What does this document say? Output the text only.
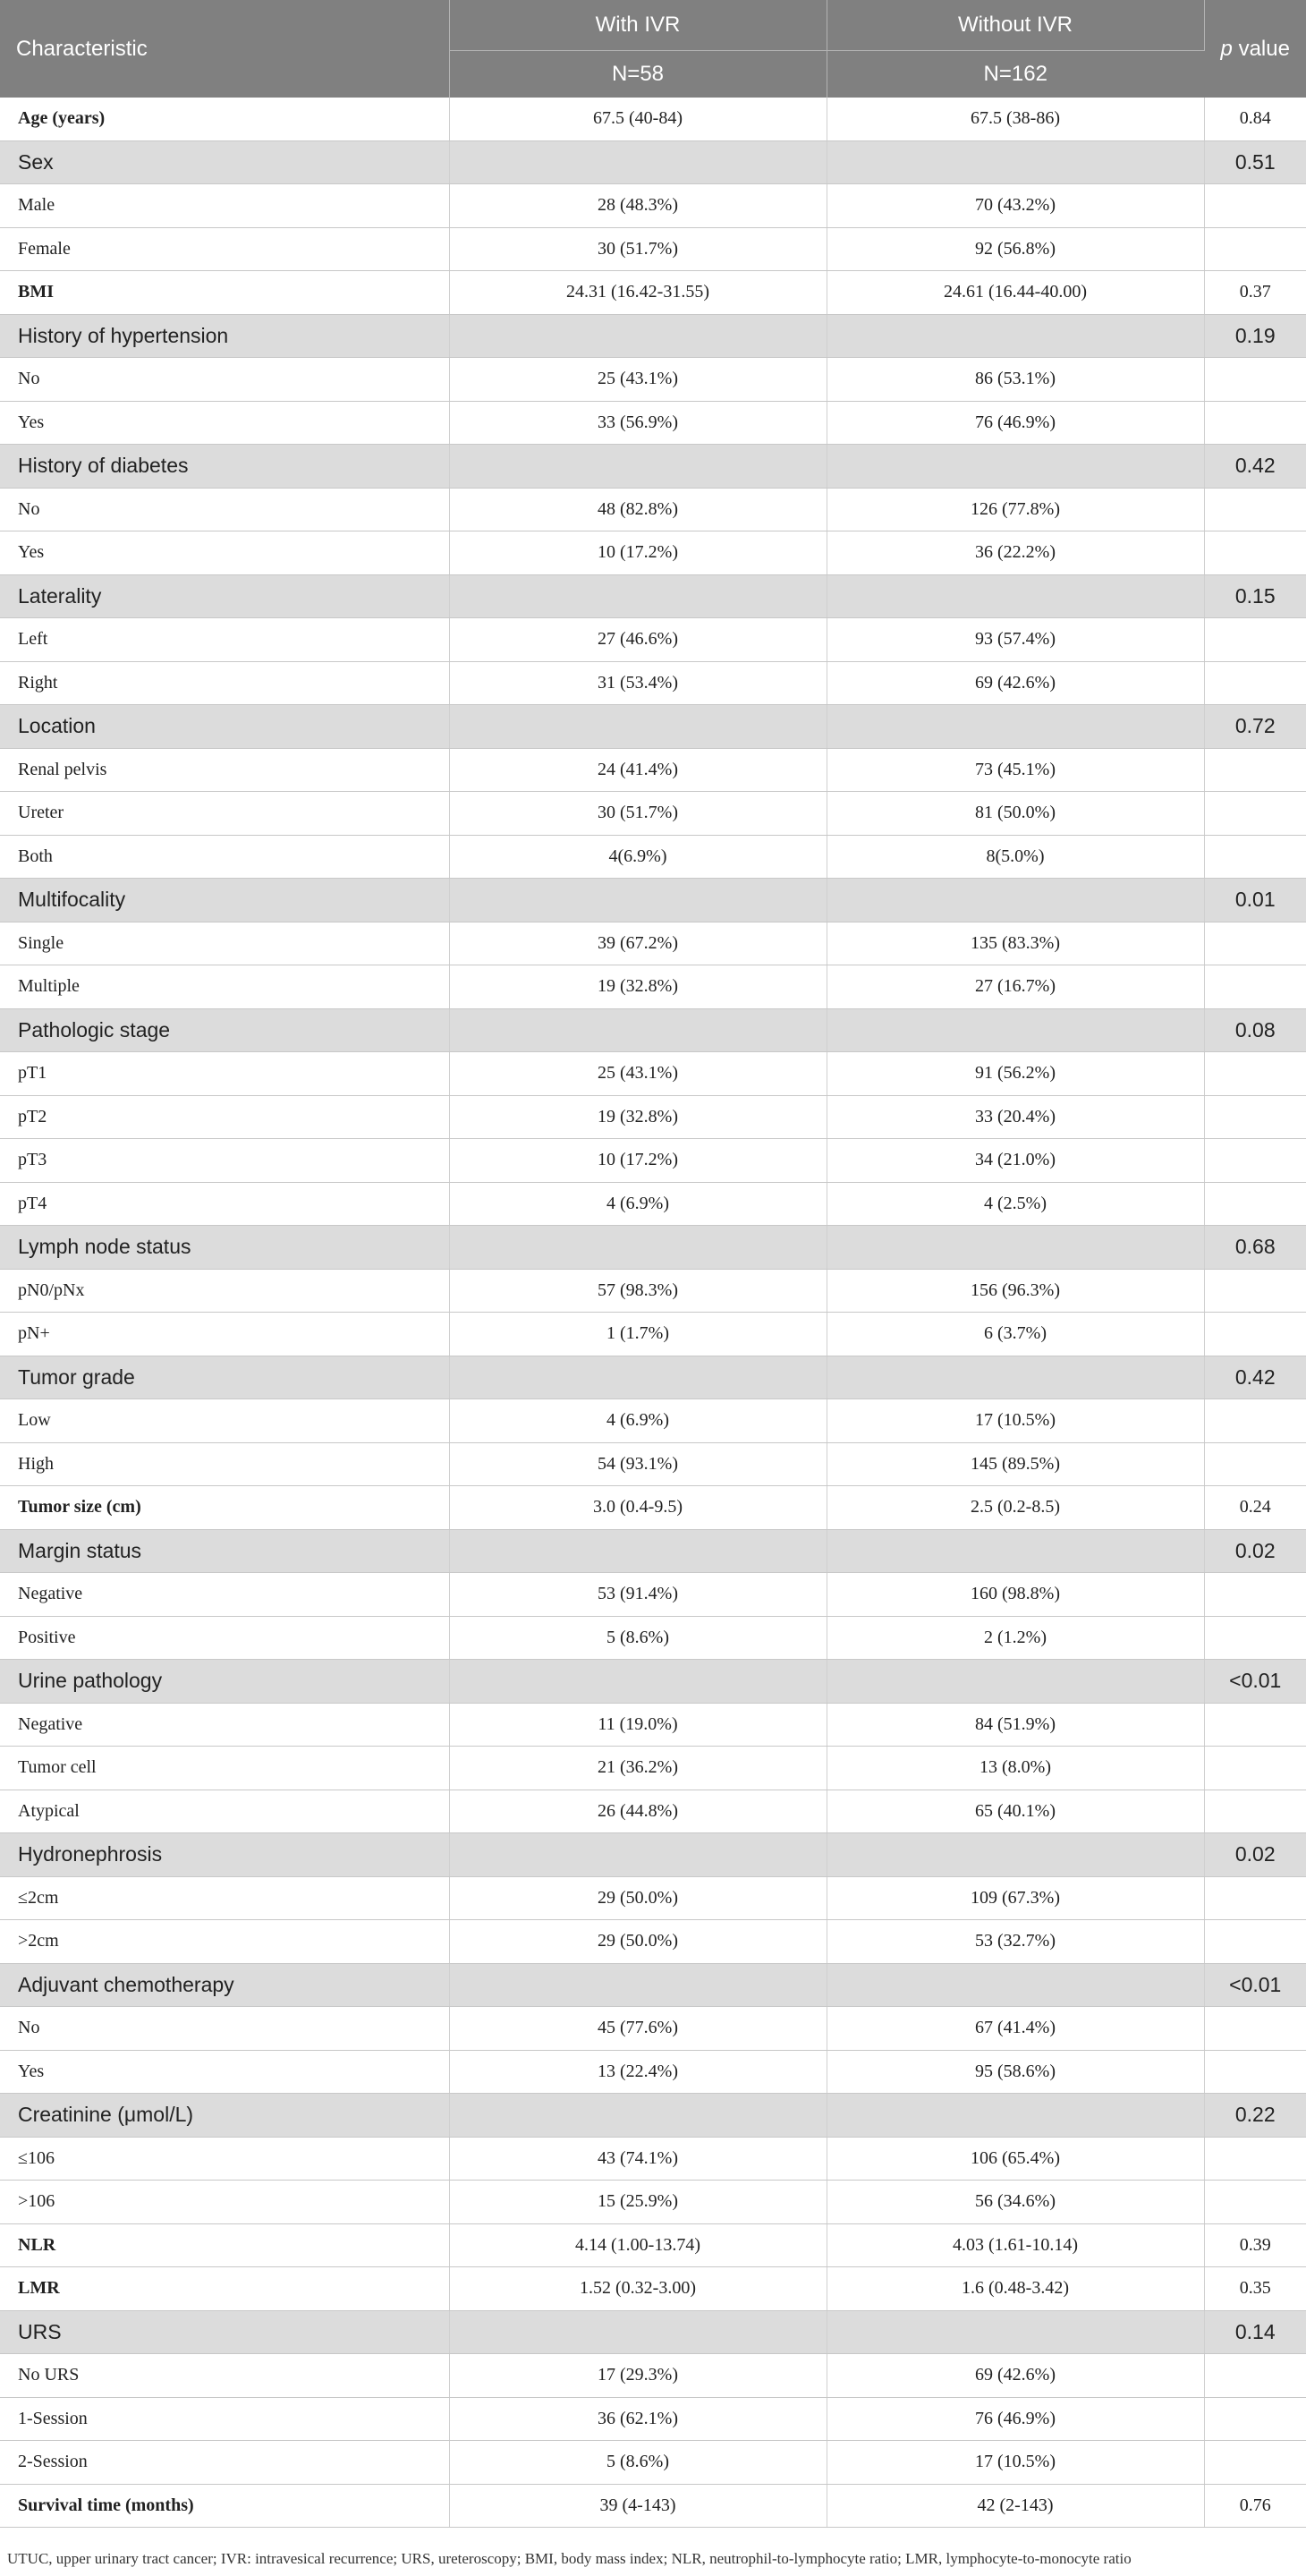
Characteristic	With IVR	Without IVR	p value
	N=58	N=162	
Age (years)	67.5 (40-84)	67.5 (38-86)	0.84
Sex			0.51
Male	28 (48.3%)	70 (43.2%)	
Female	30 (51.7%)	92 (56.8%)	
BMI	24.31 (16.42-31.55)	24.61 (16.44-40.00)	0.37
History of hypertension			0.19
No	25 (43.1%)	86 (53.1%)	
Yes	33 (56.9%)	76 (46.9%)	
History of diabetes			0.42
No	48 (82.8%)	126 (77.8%)	
Yes	10 (17.2%)	36 (22.2%)	
Laterality			0.15
Left	27 (46.6%)	93 (57.4%)	
Right	31 (53.4%)	69 (42.6%)	
Location			0.72
Renal pelvis	24 (41.4%)	73 (45.1%)	
Ureter	30 (51.7%)	81 (50.0%)	
Both	4(6.9%)	8(5.0%)	
Multifocality			0.01
Single	39 (67.2%)	135 (83.3%)	
Multiple	19 (32.8%)	27 (16.7%)	
Pathologic stage			0.08
pT1	25 (43.1%)	91 (56.2%)	
pT2	19 (32.8%)	33 (20.4%)	
pT3	10 (17.2%)	34 (21.0%)	
pT4	4 (6.9%)	4 (2.5%)	
Lymph node status			0.68
pN0/pNx	57 (98.3%)	156 (96.3%)	
pN+	1 (1.7%)	6 (3.7%)	
Tumor grade			0.42
Low	4 (6.9%)	17 (10.5%)	
High	54 (93.1%)	145 (89.5%)	
Tumor size (cm)	3.0 (0.4-9.5)	2.5 (0.2-8.5)	0.24
Margin status			0.02
Negative	53 (91.4%)	160 (98.8%)	
Positive	5 (8.6%)	2 (1.2%)	
Urine pathology			<0.01
Negative	11 (19.0%)	84 (51.9%)	
Tumor cell	21 (36.2%)	13 (8.0%)	
Atypical	26 (44.8%)	65 (40.1%)	
Hydronephrosis			0.02
≤2cm	29 (50.0%)	109 (67.3%)	
>2cm	29 (50.0%)	53 (32.7%)	
Adjuvant chemotherapy			<0.01
No	45 (77.6%)	67 (41.4%)	
Yes	13 (22.4%)	95 (58.6%)	
Creatinine (μmol/L)			0.22
≤106	43 (74.1%)	106 (65.4%)	
>106	15 (25.9%)	56 (34.6%)	
NLR	4.14 (1.00-13.74)	4.03 (1.61-10.14)	0.39
LMR	1.52 (0.32-3.00)	1.6 (0.48-3.42)	0.35
URS			0.14
No URS	17 (29.3%)	69 (42.6%)	
1-Session	36 (62.1%)	76 (46.9%)	
2-Session	5 (8.6%)	17 (10.5%)	
Survival time (months)	39 (4-143)	42 (2-143)	0.76
UTUC, upper urinary tract cancer; IVR: intravesical recurrence; URS, ureteroscopy; BMI, body mass index; NLR, neutrophil-to-lymphocyte ratio; LMR, lymphocyte-to-monocyte ratio
